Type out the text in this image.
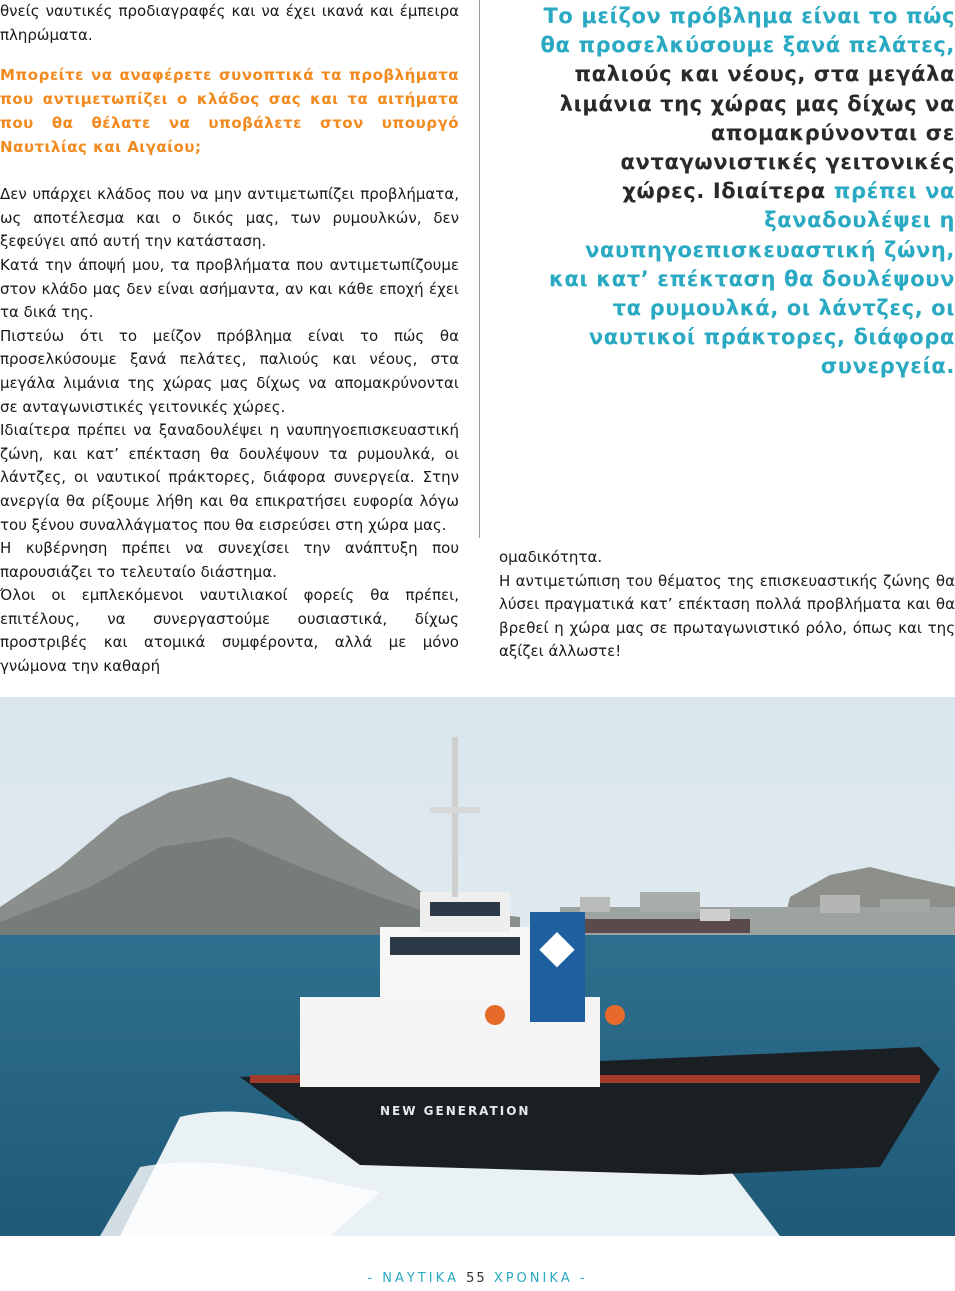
θνείς ναυτικές προδιαγραφές και να έχει ικανά και έμπειρα πληρώματα.

Μπορείτε να αναφέρετε συνοπτικά τα προβλήματα που αντιμετωπίζει ο κλάδος σας και τα αιτήματα που θα θέλατε να υποβάλετε στον υπουργό Ναυτιλίας και Αιγαίου;

Δεν υπάρχει κλάδος που να μην αντιμετωπίζει προβλήματα, ως αποτέλεσμα και ο δικός μας, των ρυμουλκών, δεν ξεφεύγει από αυτή την κατάσταση.

Κατά την άποψή μου, τα προβλήματα που αντιμετωπίζουμε στον κλάδο μας δεν είναι ασήμαντα, αν και κάθε εποχή έχει τα δικά της.

Πιστεύω ότι το μείζον πρόβλημα είναι το πώς θα προσελκύσουμε ξανά πελάτες, παλιούς και νέους, στα μεγάλα λιμάνια της χώρας μας δίχως να απομακρύνονται σε ανταγωνιστικές γειτονικές χώρες.

Ιδιαίτερα πρέπει να ξαναδουλέψει η ναυπηγοεπισκευαστική ζώνη, και κατ’ επέκταση θα δουλέψουν τα ρυμουλκά, οι λάντζες, οι ναυτικοί πράκτορες, διάφορα συνεργεία. Στην ανεργία θα ρίξουμε λήθη και θα επικρατήσει ευφορία λόγω του ξένου συναλλάγματος που θα εισρεύσει στη χώρα μας.

Η κυβέρνηση πρέπει να συνεχίσει την ανάπτυξη που παρουσιάζει το τελευταίο διάστημα.

Όλοι οι εμπλεκόμενοι ναυτιλιακοί φορείς θα πρέπει, επιτέλους, να συνεργαστούμε ουσιαστικά, δίχως προστριβές και ατομικά συμφέροντα, αλλά με μόνο γνώμονα την καθαρή

Το μείζον πρόβλημα είναι το πώς θα προσελκύσουμε ξανά πελάτες, παλιούς και νέους, στα μεγάλα λιμάνια της χώρας μας δίχως να απομακρύνονται σε ανταγωνιστικές γειτονικές χώρες. Ιδιαίτερα πρέπει να ξαναδουλέψει η ναυπηγοεπισκευαστική ζώνη, και κατ’ επέκταση θα δουλέψουν τα ρυμουλκά, οι λάντζες, οι ναυτικοί πράκτορες, διάφορα συνεργεία.

ομαδικότητα.

Η αντιμετώπιση του θέματος της επισκευαστικής ζώνης θα λύσει πραγματικά κατ’ επέκταση πολλά προβλήματα και θα βρεθεί η χώρα μας σε πρωταγωνιστικό ρόλο, όπως και της αξίζει άλλωστε!

NEW GENERATION
- ΝΑΥΤΙΚΑ 55 ΧΡΟΝΙΚΑ -
